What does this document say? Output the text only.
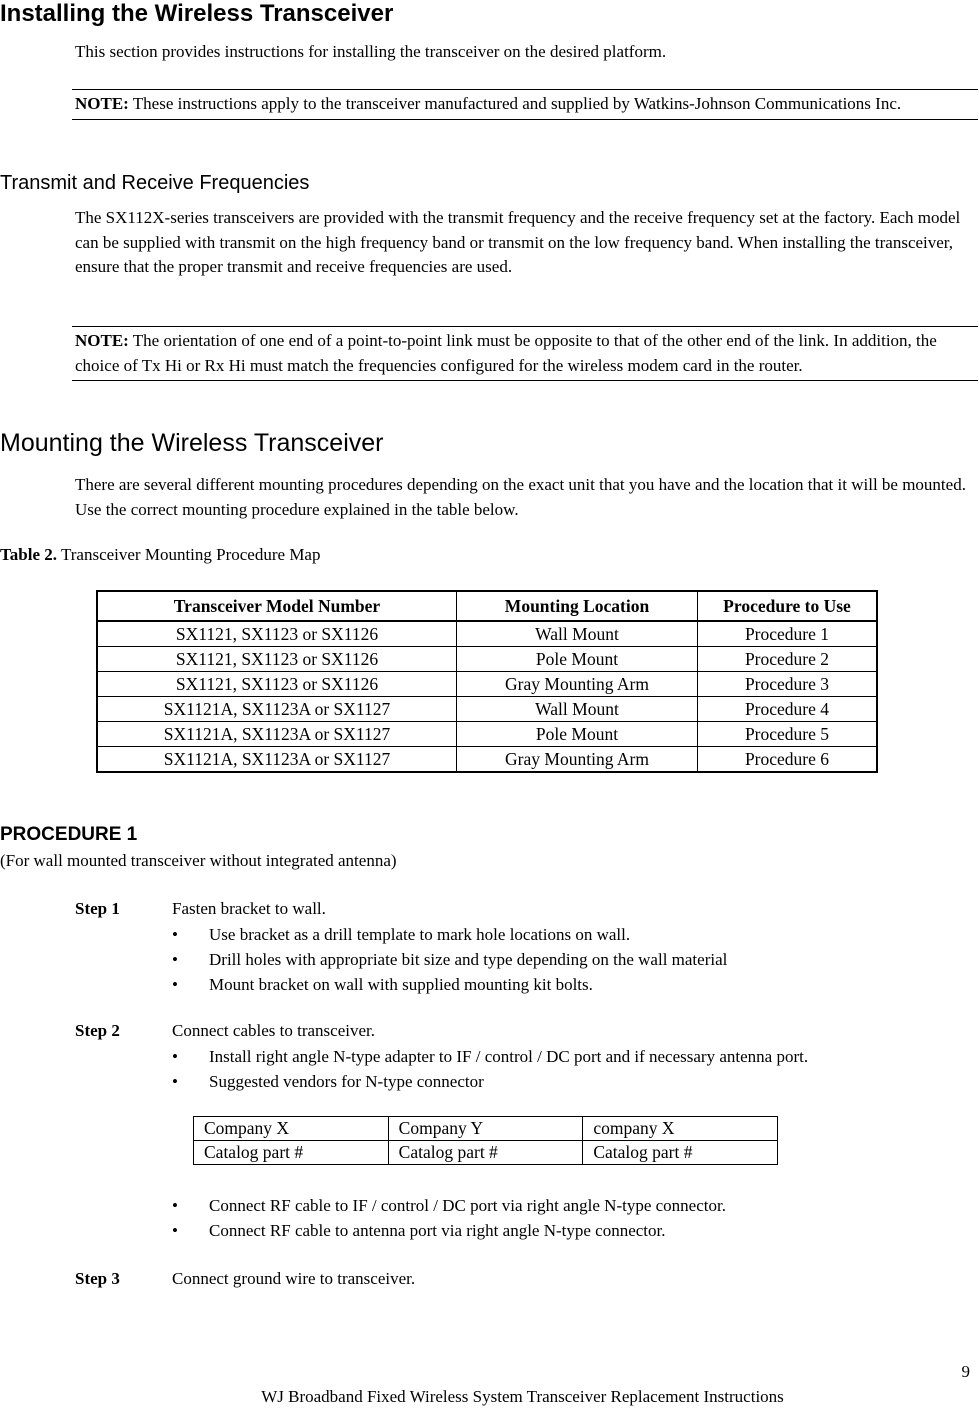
Installing the Wireless Transceiver
This section provides instructions for installing the transceiver on the desired platform.
NOTE: These instructions apply to the transceiver manufactured and supplied by Watkins-Johnson Communications Inc.
Transmit and Receive Frequencies
The SX112X-series transceivers are provided with the transmit frequency and the receive frequency set at the factory. Each model can be supplied with transmit on the high frequency band or transmit on the low frequency band. When installing the transceiver, ensure that the proper transmit and receive frequencies are used.
NOTE: The orientation of one end of a point-to-point link must be opposite to that of the other end of the link. In addition, the choice of Tx Hi or Rx Hi must match the frequencies configured for the wireless modem card in the router.
Mounting the Wireless Transceiver
There are several different mounting procedures depending on the exact unit that you have and the location that it will be mounted. Use the correct mounting procedure explained in the table below.
Table 2. Transceiver Mounting Procedure Map
Transceiver Model Number	Mounting Location	Procedure to Use
SX1121, SX1123 or SX1126	Wall Mount	Procedure 1
SX1121, SX1123 or SX1126	Pole Mount	Procedure 2
SX1121, SX1123 or SX1126	Gray Mounting Arm	Procedure 3
SX1121A, SX1123A or SX1127	Wall Mount	Procedure 4
SX1121A, SX1123A or SX1127	Pole Mount	Procedure 5
SX1121A, SX1123A or SX1127	Gray Mounting Arm	Procedure 6
PROCEDURE 1
(For wall mounted transceiver without integrated antenna)
Step 1	Fasten bracket to wall.
• Use bracket as a drill template to mark hole locations on wall.
• Drill holes with appropriate bit size and type depending on the wall material
• Mount bracket on wall with supplied mounting kit bolts.
Step 2	Connect cables to transceiver.
• Install right angle N-type adapter to IF / control / DC port and if necessary antenna port.
• Suggested vendors for N-type connector
Company X	Company Y	company X
Catalog part #	Catalog part #	Catalog part #
• Connect RF cable to IF / control / DC port via right angle N-type connector.
• Connect RF cable to antenna port via right angle N-type connector.
Step 3	Connect ground wire to transceiver.
9
WJ Broadband Fixed Wireless System Transceiver Replacement Instructions
